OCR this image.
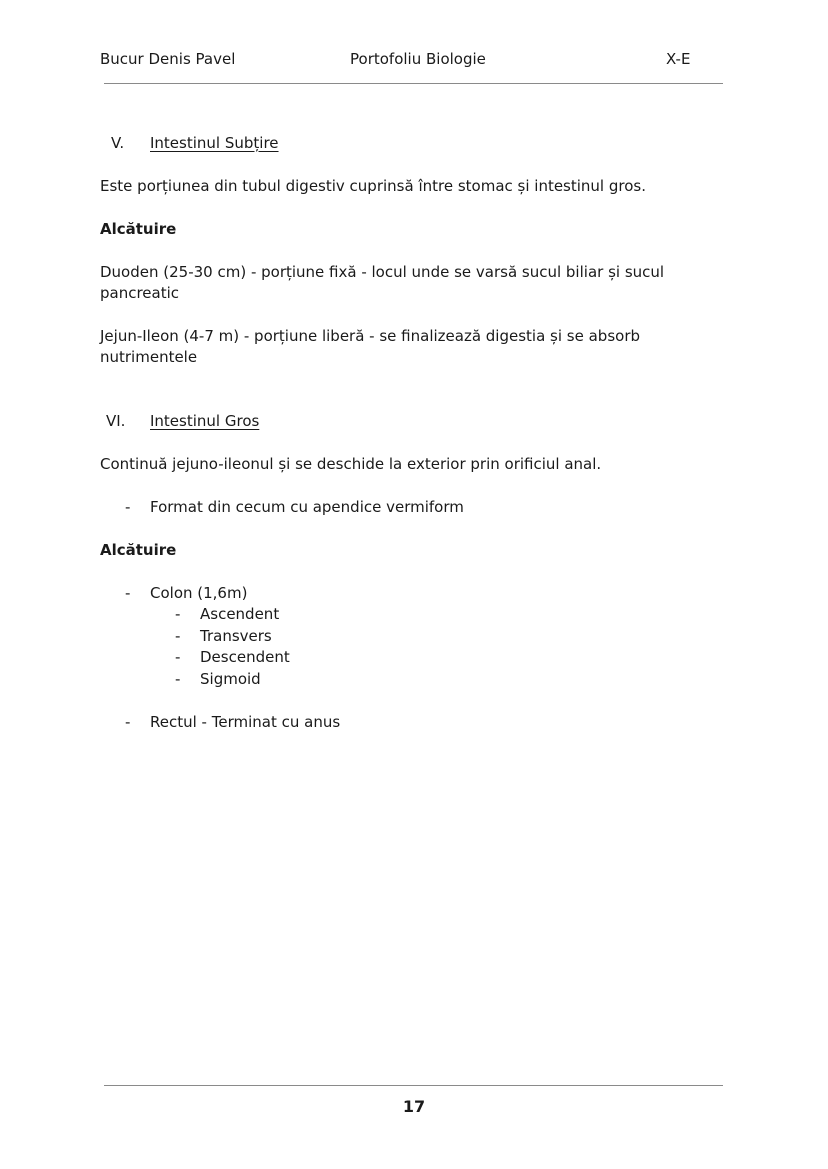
Bucur Denis Pavel	Portofoliu Biologie	X-E
V. Intestinul Subțire
Este porțiunea din tubul digestiv cuprinsă între stomac și intestinul gros.
Alcătuire
Duoden (25-30 cm) - porțiune fixă - locul unde se varsă sucul biliar și sucul
pancreatic
Jejun-Ileon (4-7 m) - porțiune liberă - se finalizează digestia și se absorb
nutrimentele
VI. Intestinul Gros
Continuă jejuno-ileonul și se deschide la exterior prin orificiul anal.
- Format din cecum cu apendice vermiform
Alcătuire
- Colon (1,6m)
- Ascendent
- Transvers
- Descendent
- Sigmoid
- Rectul - Terminat cu anus
17
